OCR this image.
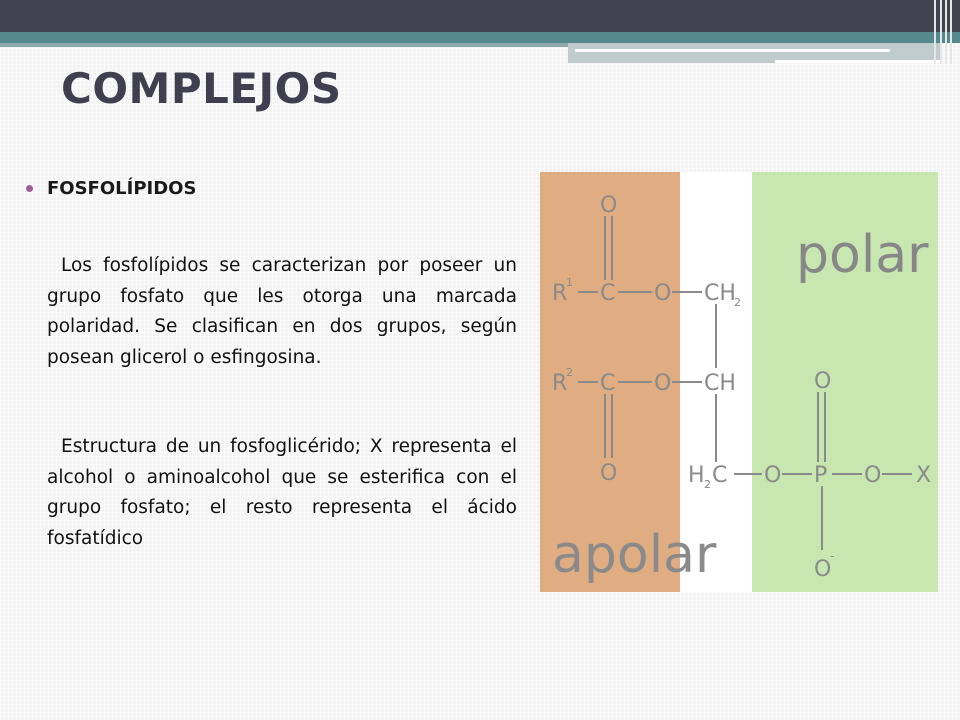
COMPLEJOS
FOSFOLÍPIDOS

Los fosfolípidos se caracterizan por poseer un grupo fosfato que les otorga una marcada polaridad. Se clasifican en dos grupos, según posean glicerol o esfingosina.

Estructura de un fosfoglicérido; X representa el alcohol o aminoalcohol que se esterifica con el grupo fosfato; el resto representa el ácido fosfatídico

polar
apolar
R
1 C
O
O CH
2
R
2 C
O
O CH
H 2 C O P
O
O X
O
-
